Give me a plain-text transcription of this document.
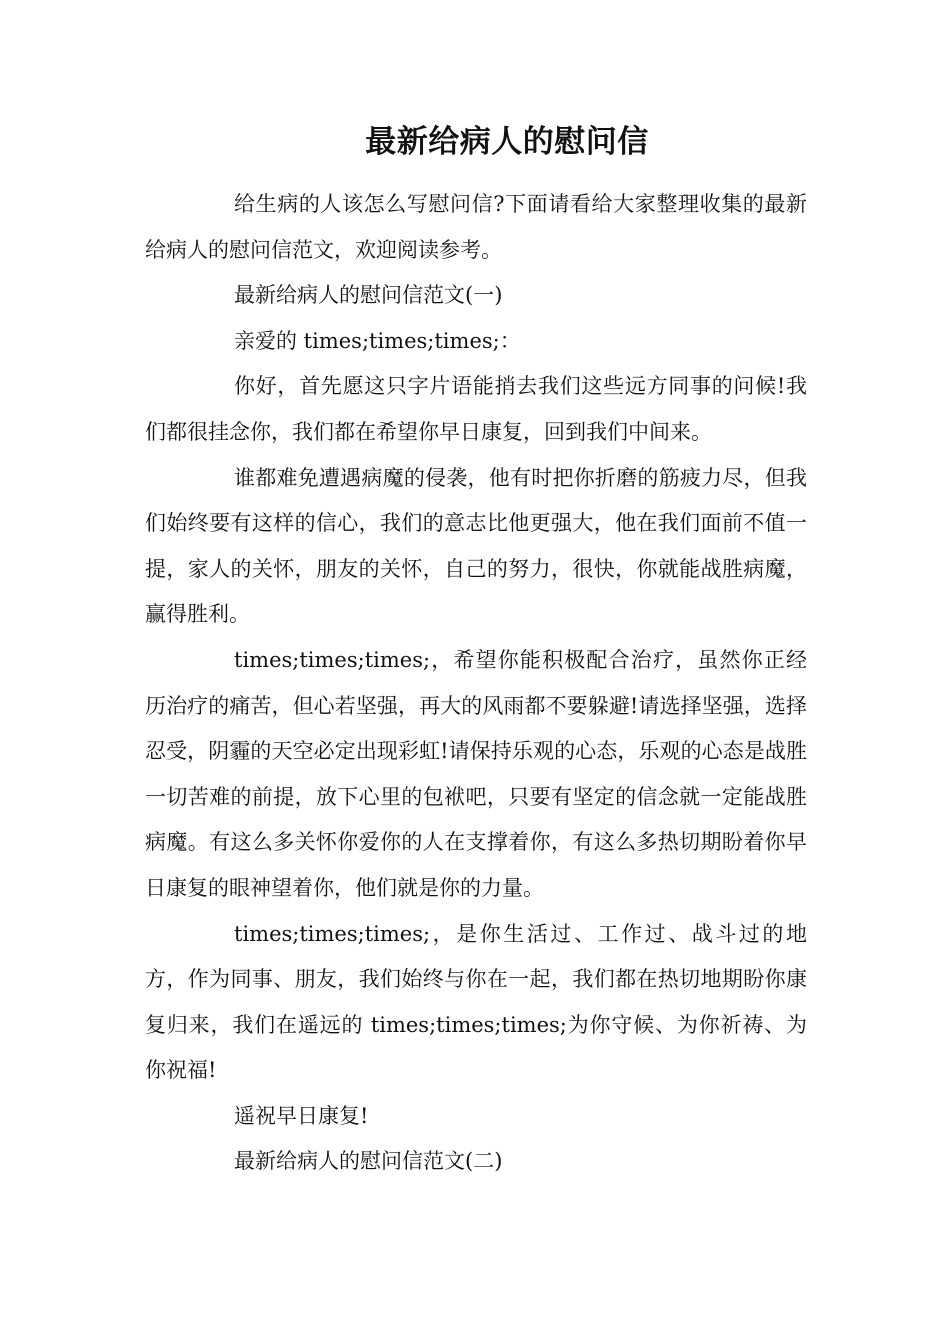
最新给病人的慰问信

给生病的人该怎么写慰问信?下面请看给大家整理收集的最新给病人的慰问信范文，欢迎阅读参考。

最新给病人的慰问信范文(一)

亲爱的 times;times;times;：

你好，首先愿这只字片语能捎去我们这些远方同事的问候!我们都很挂念你，我们都在希望你早日康复，回到我们中间来。

谁都难免遭遇病魔的侵袭，他有时把你折磨的筋疲力尽，但我们始终要有这样的信心，我们的意志比他更强大，他在我们面前不值一提，家人的关怀，朋友的关怀，自己的努力，很快，你就能战胜病魔，赢得胜利。

times;times;times;，希望你能积极配合治疗，虽然你正经历治疗的痛苦，但心若坚强，再大的风雨都不要躲避!请选择坚强，选择忍受，阴霾的天空必定出现彩虹!请保持乐观的心态，乐观的心态是战胜一切苦难的前提，放下心里的包袱吧，只要有坚定的信念就一定能战胜病魔。有这么多关怀你爱你的人在支撑着你，有这么多热切期盼着你早日康复的眼神望着你，他们就是你的力量。

times;times;times;，是你生活过、工作过、战斗过的地方，作为同事、朋友，我们始终与你在一起，我们都在热切地期盼你康复归来，我们在遥远的 times;times;times;为你守候、为你祈祷、为你祝福!

遥祝早日康复!

最新给病人的慰问信范文(二)
